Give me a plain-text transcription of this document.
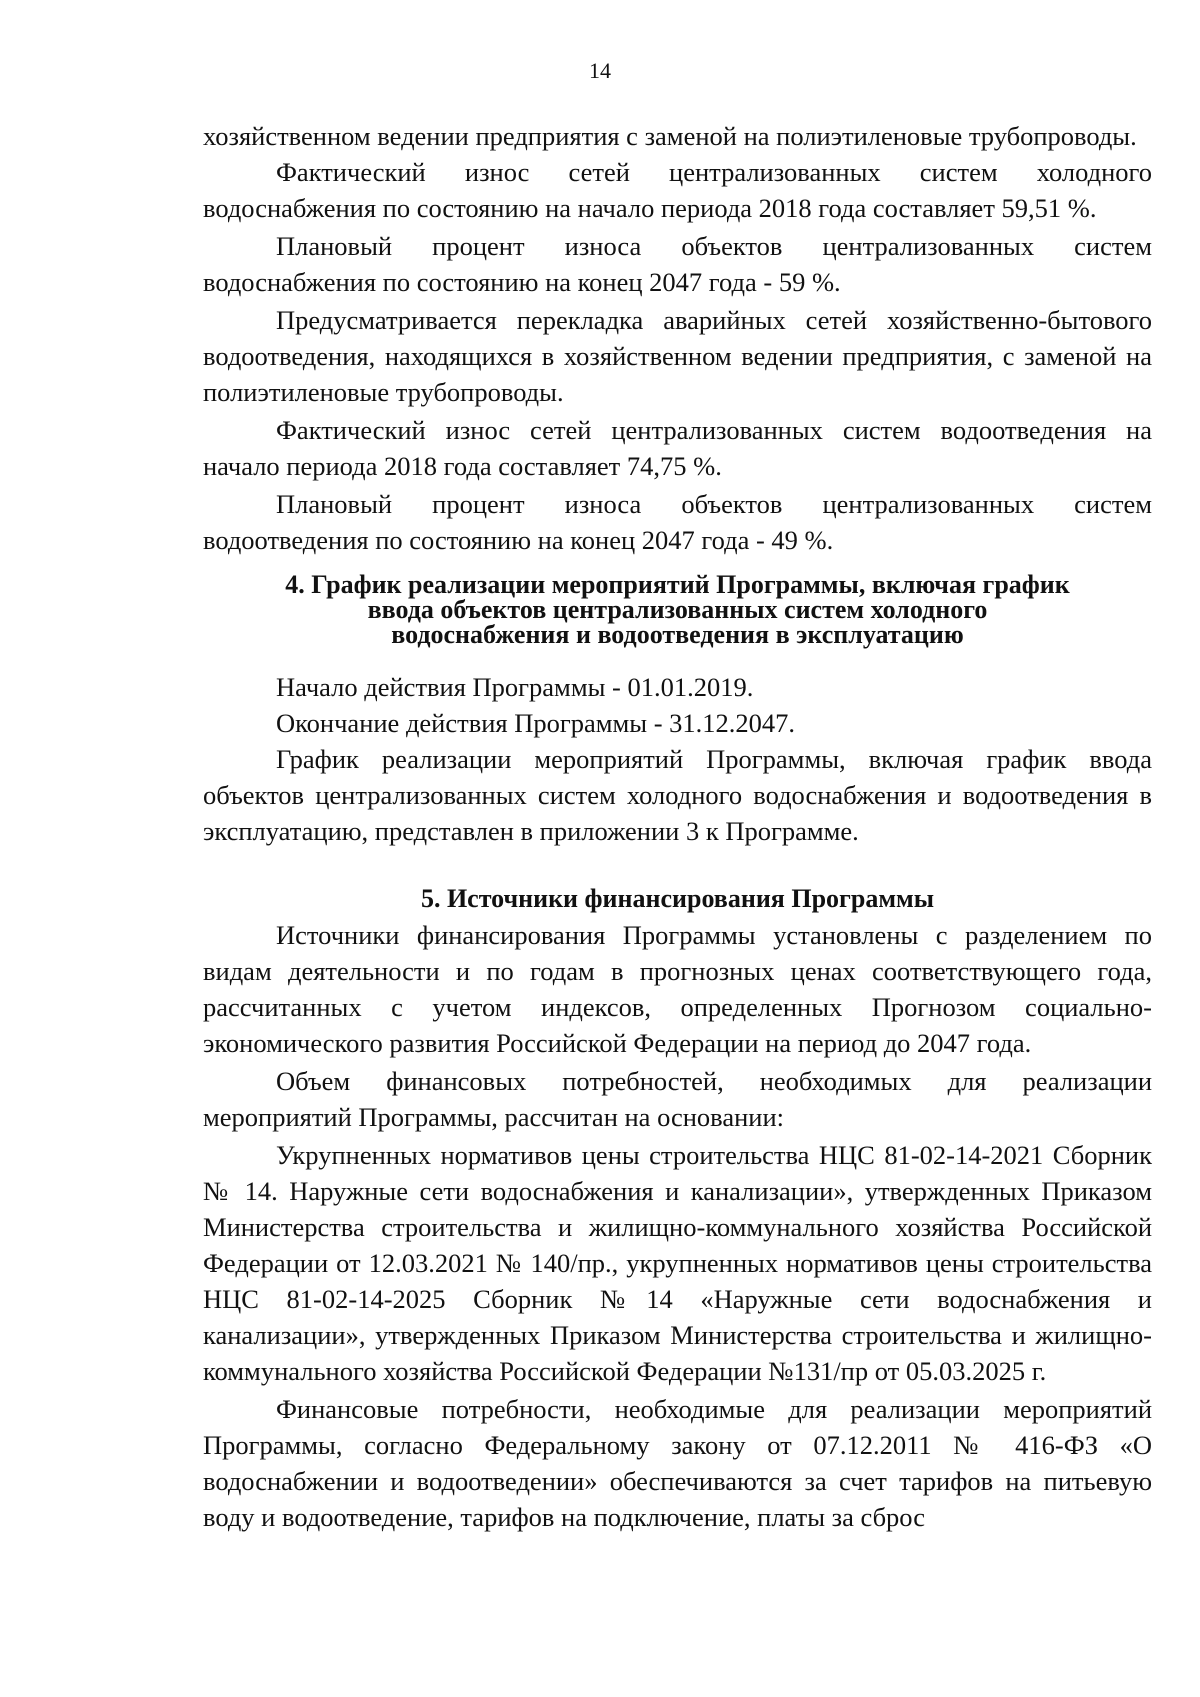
14

хозяйственном ведении предприятия с заменой на полиэтиленовые трубопроводы.

Фактический износ сетей централизованных систем холодного водоснабжения по состоянию на начало периода 2018 года составляет 59,51 %.

Плановый процент износа объектов централизованных систем водоснабжения по состоянию на конец 2047 года - 59 %.

Предусматривается перекладка аварийных сетей хозяйственно-бытового водоотведения, находящихся в хозяйственном ведении предприятия, с заменой на полиэтиленовые трубопроводы.

Фактический износ сетей централизованных систем водоотведения на начало периода 2018 года составляет 74,75 %.

Плановый процент износа объектов централизованных систем водоотведения по состоянию на конец 2047 года - 49 %.

4. График реализации мероприятий Программы, включая график
ввода объектов централизованных систем холодного
водоснабжения и водоотведения в эксплуатацию

Начало действия Программы - 01.01.2019.

Окончание действия Программы - 31.12.2047.

График реализации мероприятий Программы, включая график ввода объектов централизованных систем холодного водоснабжения и водоотведения в эксплуатацию, представлен в приложении 3 к Программе.

5. Источники финансирования Программы

Источники финансирования Программы установлены с разделением по видам деятельности и по годам в прогнозных ценах соответствующего года, рассчитанных с учетом индексов, определенных Прогнозом социально-экономического развития Российской Федерации на период до 2047 года.

Объем финансовых потребностей, необходимых для реализации мероприятий Программы, рассчитан на основании:

Укрупненных нормативов цены строительства НЦС 81-02-14-2021 Сборник № 14. Наружные сети водоснабжения и канализации», утвержденных Приказом Министерства строительства и жилищно-коммунального хозяйства Российской Федерации от 12.03.2021 № 140/пр., укрупненных нормативов цены строительства НЦС 81-02-14-2025 Сборник №14 «Наружные сети водоснабжения и канализации», утвержденных Приказом Министерства строительства и жилищно-коммунального хозяйства Российской Федерации №131/пр от 05.03.2025 г.

Финансовые потребности, необходимые для реализации мероприятий Программы, согласно Федеральному закону от 07.12.2011 № 416-ФЗ «О водоснабжении и водоотведении» обеспечиваются за счет тарифов на питьевую воду и водоотведение, тарифов на подключение, платы за сброс
